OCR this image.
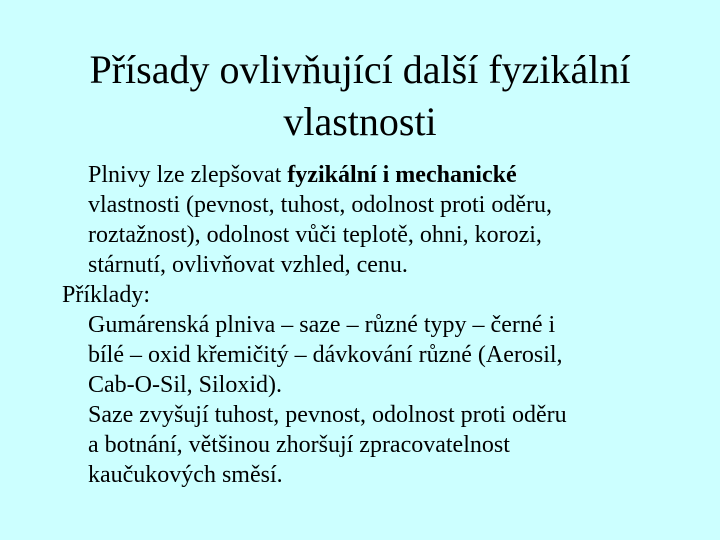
Přísady ovlivňující další fyzikální
vlastnosti
Plnivy lze zlepšovat fyzikální i mechanické
vlastnosti (pevnost, tuhost, odolnost proti oděru,
roztažnost), odolnost vůči teplotě, ohni, korozi,
stárnutí, ovlivňovat vzhled, cenu.
Příklady:
Gumárenská plniva – saze – různé typy – černé i
bílé – oxid křemičitý – dávkování různé (Aerosil,
Cab-O-Sil, Siloxid).
Saze zvyšují tuhost, pevnost, odolnost proti oděru
a botnání, většinou zhoršují zpracovatelnost
kaučukových směsí.
